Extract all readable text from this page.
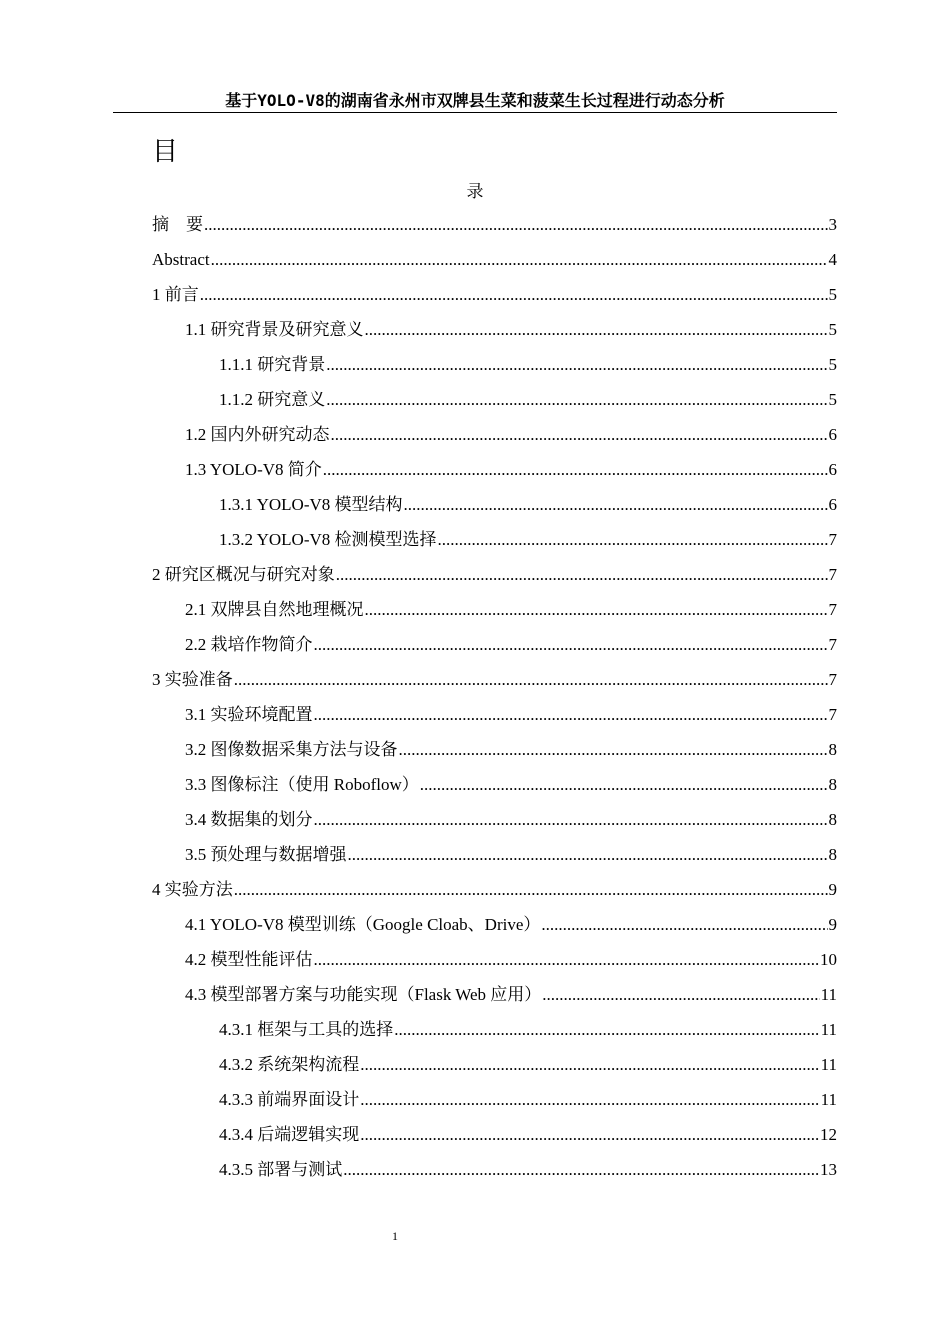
基于YOLO-V8的湖南省永州市双牌县生菜和菠菜生长过程进行动态分析
目
录
摘    要 .....	3
Abstract .....	4
1 前言 .....	5
1.1 研究背景及研究意义 .....	5
1.1.1 研究背景 .....	5
1.1.2 研究意义 .....	5
1.2 国内外研究动态 .....	6
1.3 YOLO-V8 简介 .....	6
1.3.1 YOLO-V8 模型结构 .....	6
1.3.2 YOLO-V8 检测模型选择 .....	7
2 研究区概况与研究对象 .....	7
2.1 双牌县自然地理概况 .....	7
2.2 栽培作物简介 .....	7
3 实验准备 .....	7
3.1 实验环境配置 .....	7
3.2 图像数据采集方法与设备 .....	8
3.3 图像标注（使用 Roboflow） .....	8
3.4 数据集的划分 .....	8
3.5 预处理与数据增强 .....	8
4 实验方法 .....	9
4.1 YOLO-V8 模型训练（Google Cloab、Drive） .....	9
4.2 模型性能评估 .....	10
4.3 模型部署方案与功能实现（Flask Web 应用） .....	11
4.3.1 框架与工具的选择 .....	11
4.3.2 系统架构流程 .....	11
4.3.3 前端界面设计 .....	11
4.3.4 后端逻辑实现 .....	12
4.3.5 部署与测试 .....	13
1
